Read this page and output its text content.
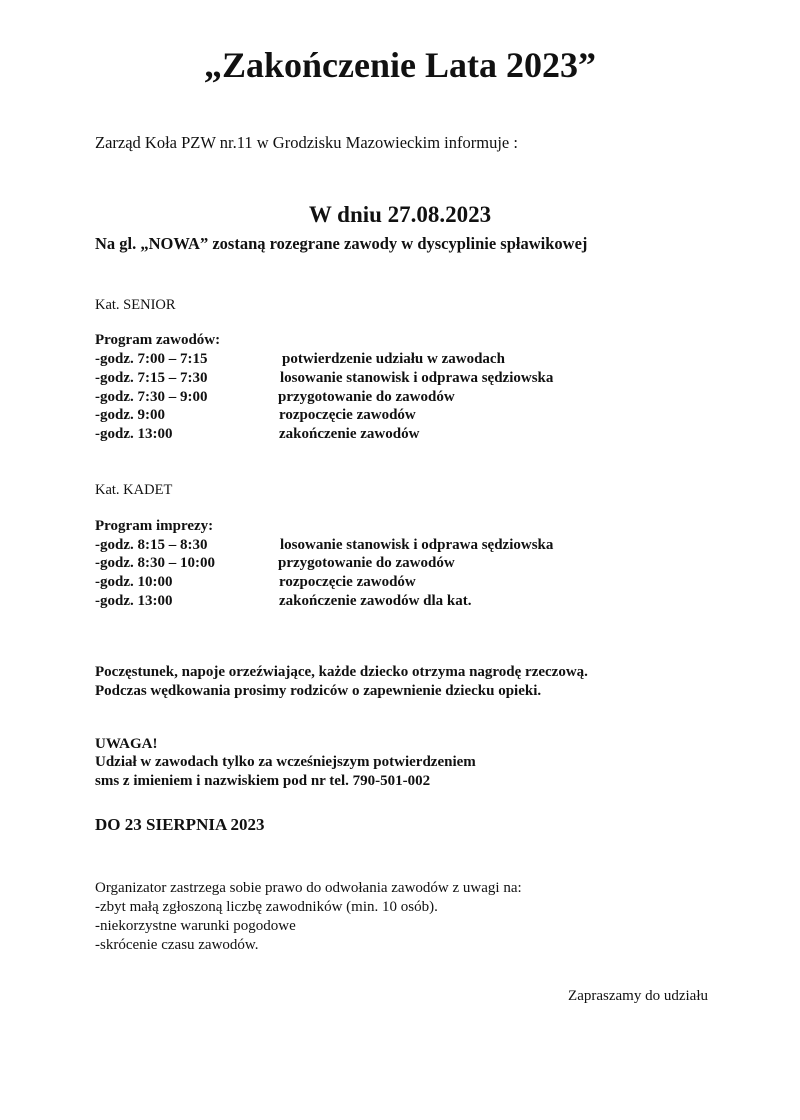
„Zakończenie Lata 2023”
Zarząd Koła PZW nr.11 w Grodzisku Mazowieckim informuje :
W dniu 27.08.2023
Na gl. „NOWA” zostaną rozegrane zawody w dyscyplinie spławikowej
Kat. SENIOR
Program zawodów:
-godz. 7:00 – 7:15	potwierdzenie udziału w zawodach
-godz. 7:15 – 7:30	losowanie stanowisk i odprawa sędziowska
-godz. 7:30 – 9:00	przygotowanie do zawodów
-godz. 9:00	rozpoczęcie zawodów
-godz. 13:00	zakończenie zawodów
Kat. KADET
Program imprezy:
-godz. 8:15 – 8:30	losowanie stanowisk i odprawa sędziowska
-godz. 8:30 – 10:00	przygotowanie do zawodów
-godz. 10:00	rozpoczęcie zawodów
-godz. 13:00	zakończenie zawodów dla kat.
Poczęstunek, napoje orzeźwiające, każde dziecko otrzyma nagrodę rzeczową.
Podczas wędkowania prosimy rodziców o zapewnienie dziecku opieki.
UWAGA!
Udział w zawodach tylko za wcześniejszym potwierdzeniem
sms z imieniem i nazwiskiem pod nr tel. 790-501-002
DO 23 SIERPNIA 2023
Organizator zastrzega sobie prawo do odwołania zawodów z uwagi na:
-zbyt małą zgłoszoną liczbę zawodników (min. 10 osób).
-niekorzystne warunki pogodowe
-skrócenie czasu zawodów.
Zapraszamy do udziału
